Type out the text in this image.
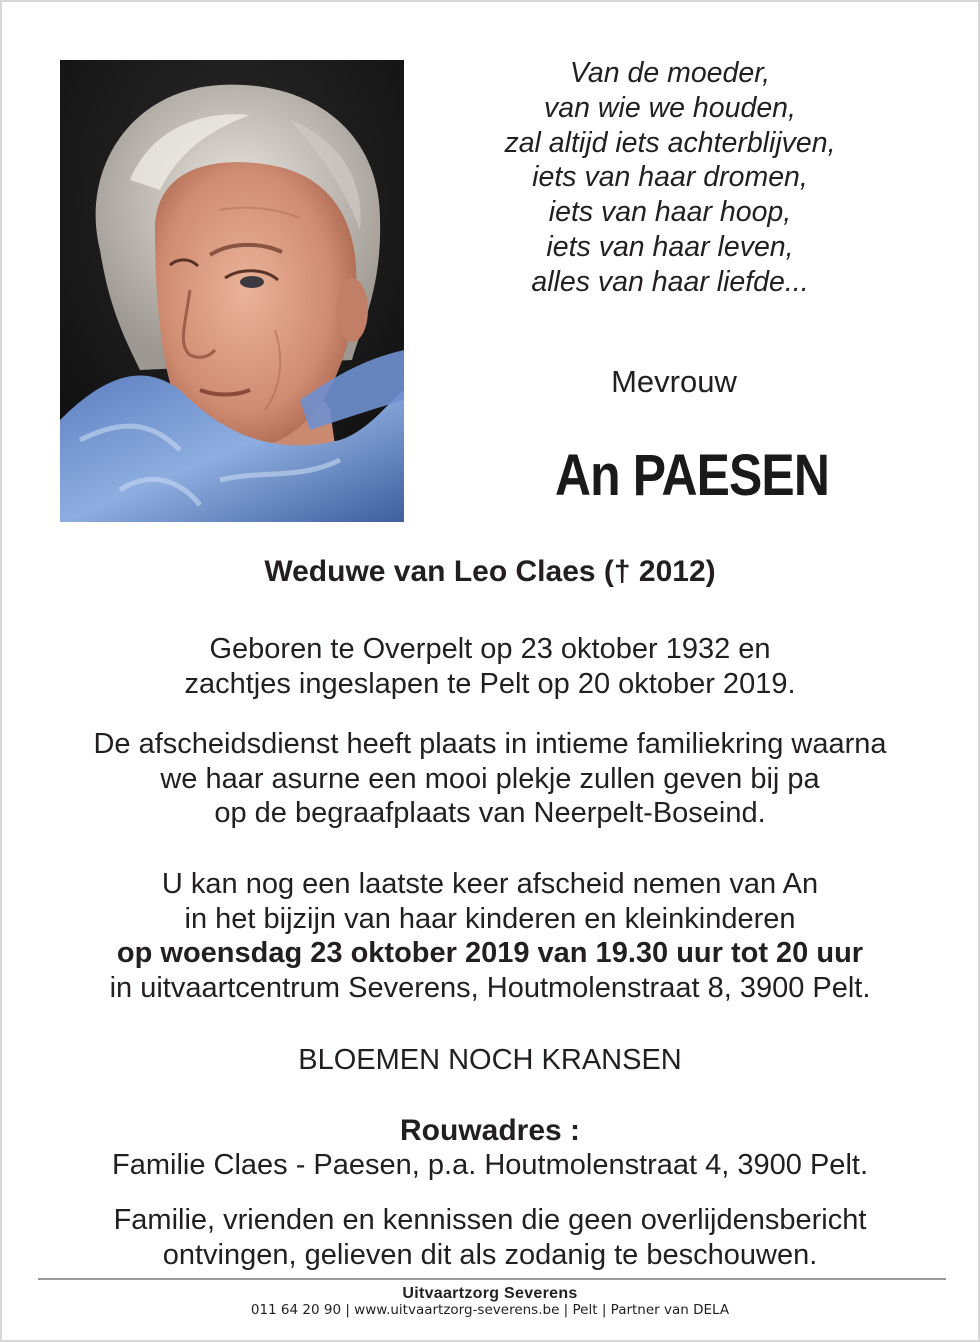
Van de moeder,
van wie we houden,
zal altijd iets achterblijven,
iets van haar dromen,
iets van haar hoop,
iets van haar leven,
alles van haar liefde...
Mevrouw
An PAESEN
Weduwe van Leo Claes († 2012)
Geboren te Overpelt op 23 oktober 1932 en
zachtjes ingeslapen te Pelt op 20 oktober 2019.
De afscheidsdienst heeft plaats in intieme familiekring waarna
we haar asurne een mooi plekje zullen geven bij pa
op de begraafplaats van Neerpelt-Boseind.
U kan nog een laatste keer afscheid nemen van An
in het bijzijn van haar kinderen en kleinkinderen
op woensdag 23 oktober 2019 van 19.30 uur tot 20 uur
in uitvaartcentrum Severens, Houtmolenstraat 8, 3900 Pelt.
BLOEMEN NOCH KRANSEN
Rouwadres :
Familie Claes - Paesen, p.a. Houtmolenstraat 4, 3900 Pelt.
Familie, vrienden en kennissen die geen overlijdensbericht
ontvingen, gelieven dit als zodanig te beschouwen.
Uitvaartzorg Severens
011 64 20 90 | www.uitvaartzorg-severens.be | Pelt | Partner van DELA
